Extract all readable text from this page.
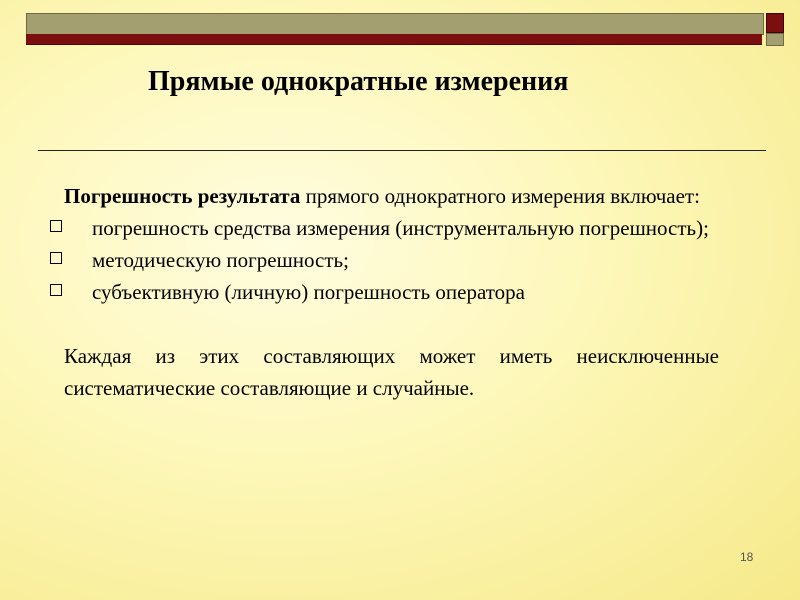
Прямые однократные измерения

Погрешность результата прямого однократного измерения включает:

погрешность средства измерения (инструментальную погрешность);
методическую погрешность;
субъективную (личную) погрешность оператора

Каждая из этих составляющих может иметь неисключенные систематические составляющие и случайные.

18
